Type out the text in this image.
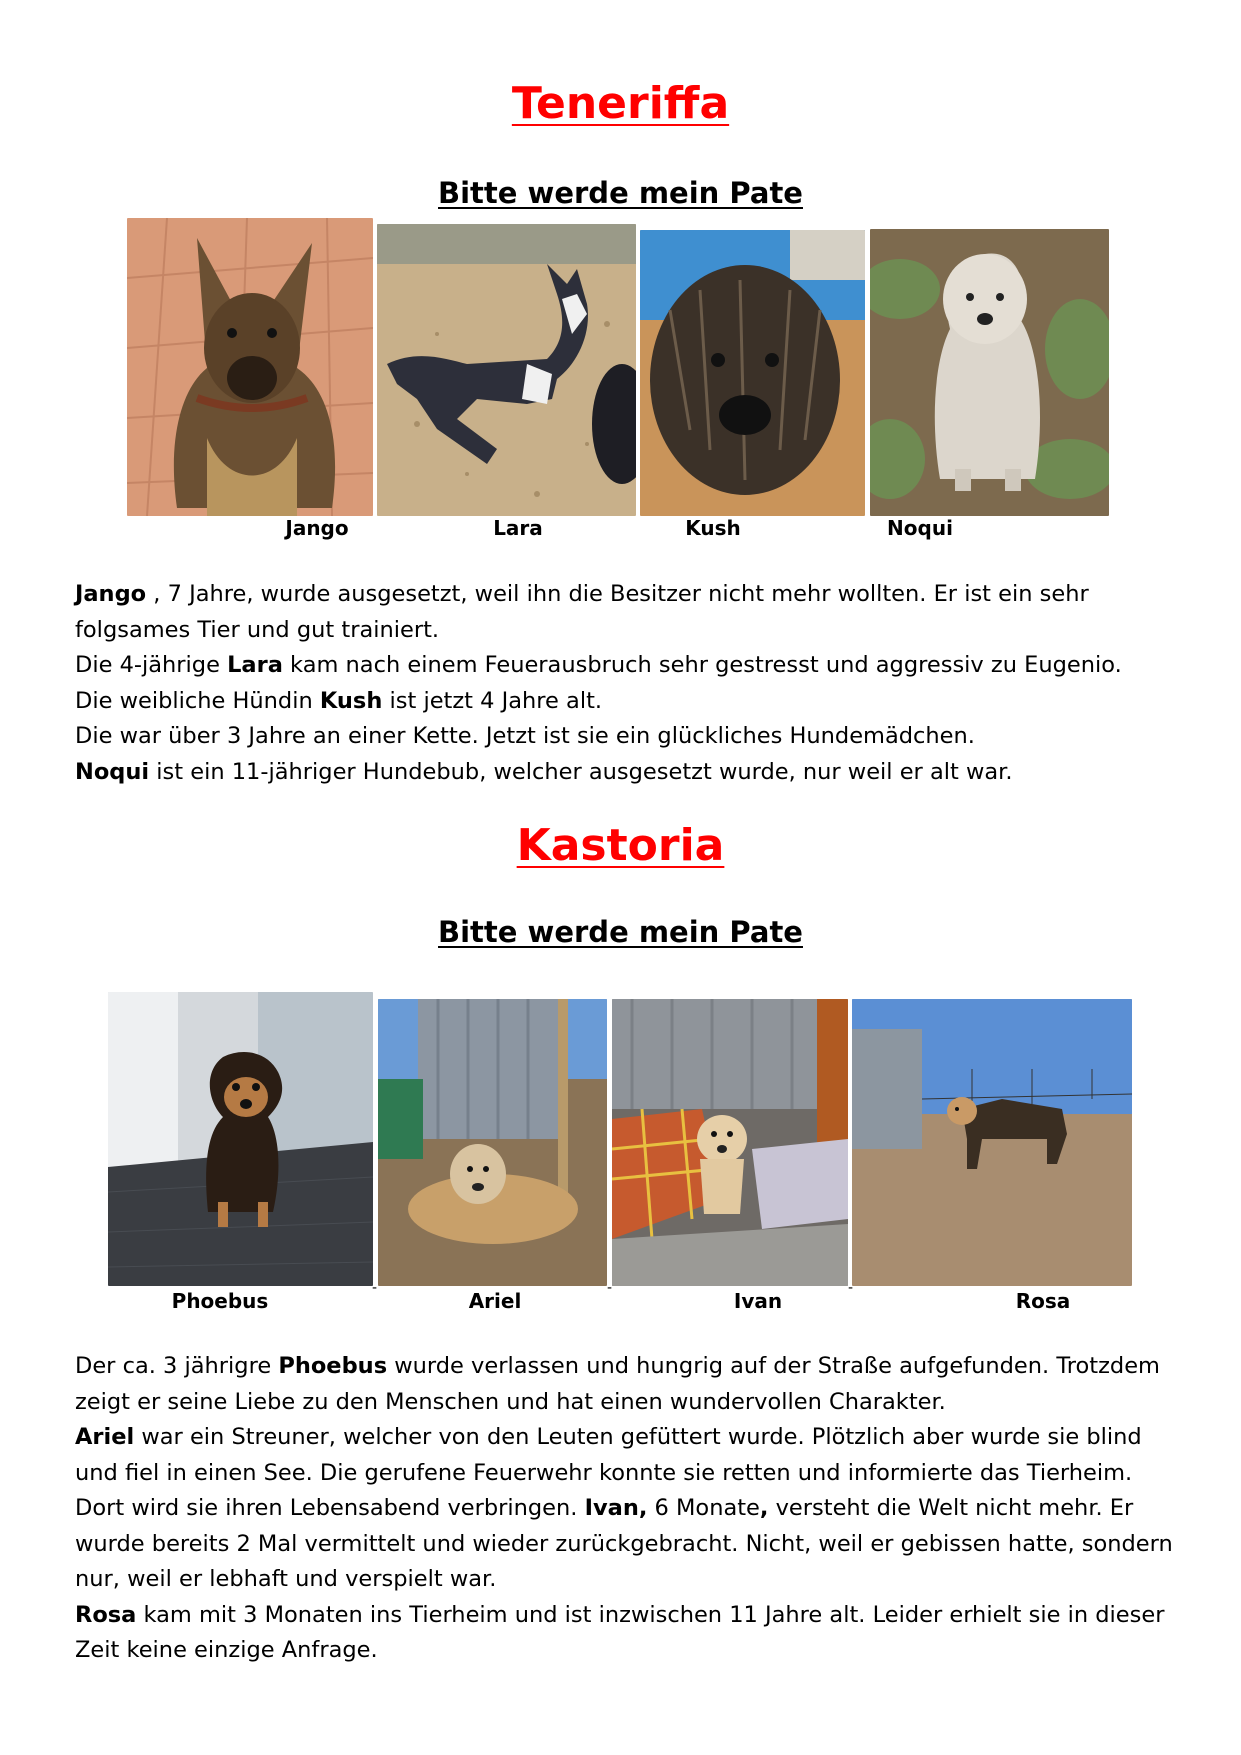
Teneriffa
Bitte werde mein Pate

Jango	Lara	Kush	Noqui

Jango , 7 Jahre, wurde ausgesetzt, weil ihn die Besitzer nicht mehr wollten. Er ist ein sehr folgsames Tier und gut trainiert.

Die 4-jährige Lara kam nach einem Feuerausbruch sehr gestresst und aggressiv zu Eugenio.

Die weibliche Hündin Kush ist jetzt 4 Jahre alt.

Die war über 3 Jahre an einer Kette. Jetzt ist sie ein glückliches Hundemädchen.

Noqui ist ein 11-jähriger Hundebub, welcher ausgesetzt wurde, nur weil er alt war.

Kastoria
Bitte werde mein Pate

Phoebus

-

Ariel

-

Ivan

-

Rosa

Der ca. 3 jährigre Phoebus wurde verlassen und hungrig auf der Straße aufgefunden. Trotzdem zeigt er seine Liebe zu den Menschen und hat einen wundervollen Charakter.

Ariel war ein Streuner, welcher von den Leuten gefüttert wurde. Plötzlich aber wurde sie blind und fiel in einen See. Die gerufene Feuerwehr konnte sie retten und informierte das Tierheim. Dort wird sie ihren Lebensabend verbringen. Ivan, 6 Monate, versteht die Welt nicht mehr. Er wurde bereits 2 Mal vermittelt und wieder zurückgebracht. Nicht, weil er gebissen hatte, sondern nur, weil er lebhaft und verspielt war.

Rosa kam mit 3 Monaten ins Tierheim und ist inzwischen 11 Jahre alt. Leider erhielt sie in dieser Zeit keine einzige Anfrage.
